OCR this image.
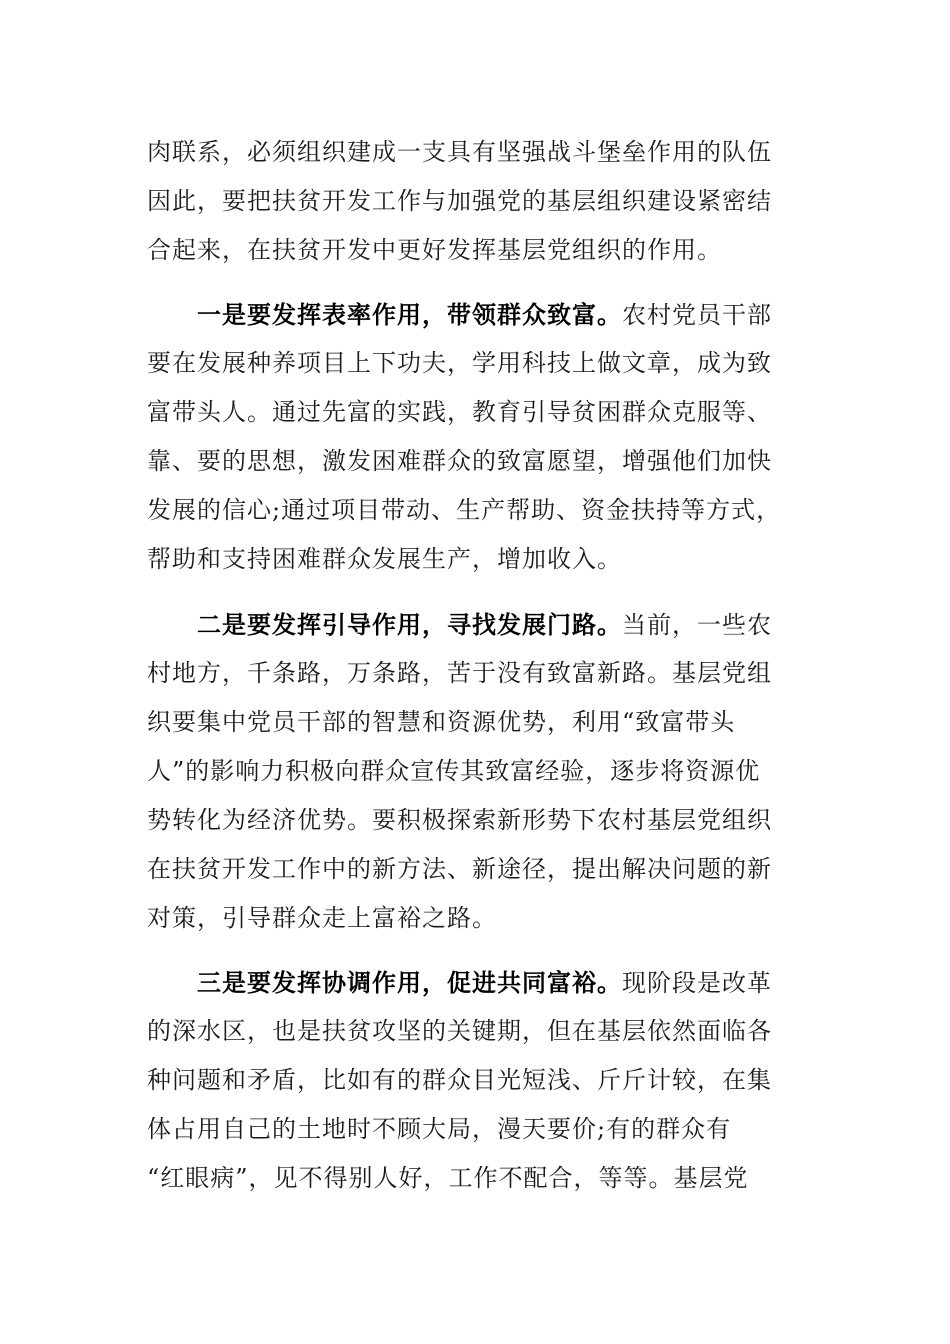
肉联系，必须组织建成一支具有坚强战斗堡垒作用的队伍
因此，要把扶贫开发工作与加强党的基层组织建设紧密结
合起来，在扶贫开发中更好发挥基层党组织的作用。
一是要发挥表率作用，带领群众致富。农村党员干部
要在发展种养项目上下功夫，学用科技上做文章，成为致
富带头人。通过先富的实践，教育引导贫困群众克服等、
靠、要的思想，激发困难群众的致富愿望，增强他们加快
发展的信心;通过项目带动、生产帮助、资金扶持等方式，
帮助和支持困难群众发展生产，增加收入。
二是要发挥引导作用，寻找发展门路。当前，一些农
村地方，千条路，万条路，苦于没有致富新路。基层党组
织要集中党员干部的智慧和资源优势，利用“致富带头
人”的影响力积极向群众宣传其致富经验，逐步将资源优
势转化为经济优势。要积极探索新形势下农村基层党组织
在扶贫开发工作中的新方法、新途径，提出解决问题的新
对策，引导群众走上富裕之路。
三是要发挥协调作用，促进共同富裕。现阶段是改革
的深水区，也是扶贫攻坚的关键期，但在基层依然面临各
种问题和矛盾，比如有的群众目光短浅、斤斤计较，在集
体占用自己的土地时不顾大局，漫天要价;有的群众有
“红眼病”，见不得别人好，工作不配合，等等。基层党
